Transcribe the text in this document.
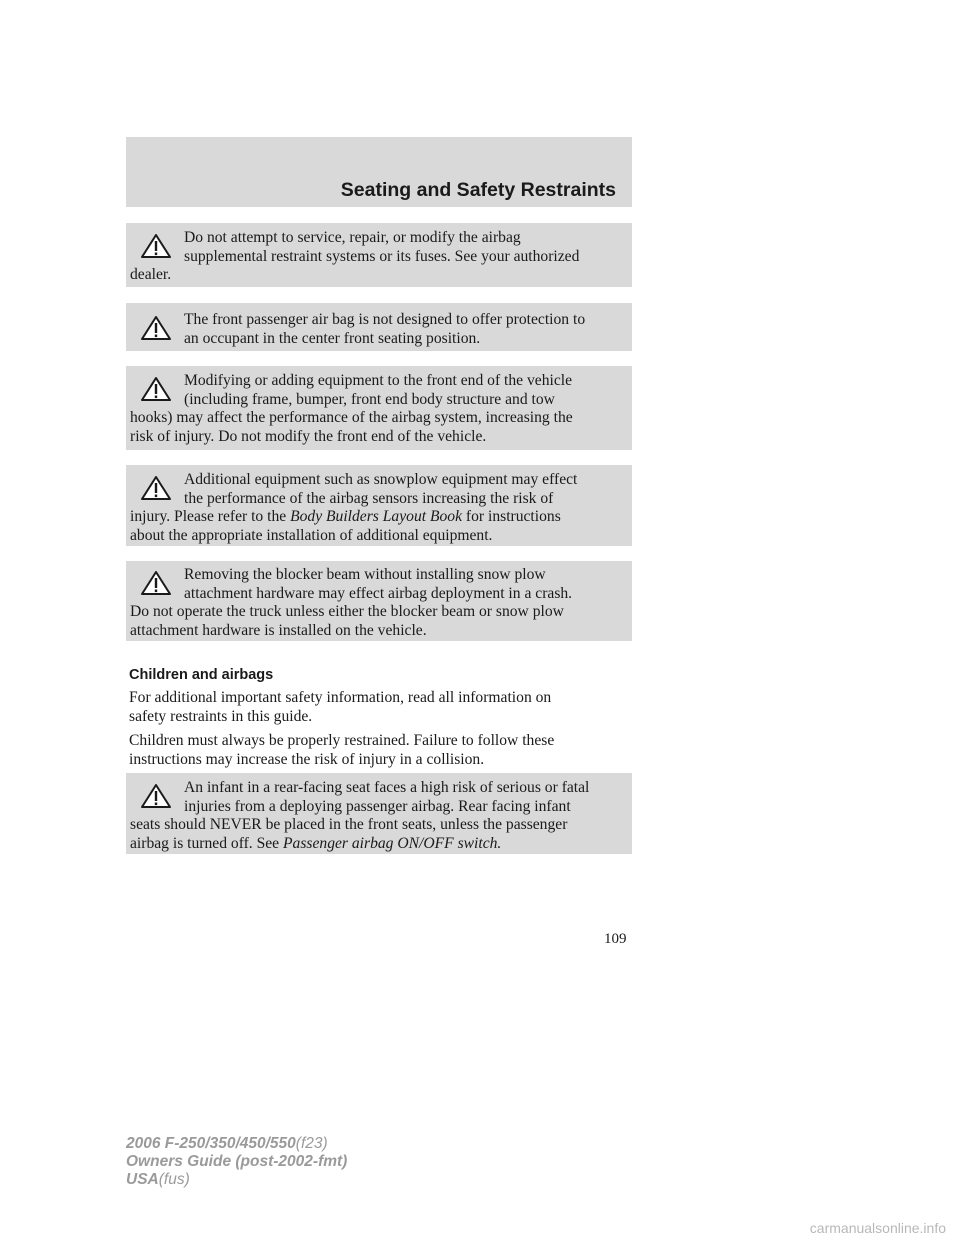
Seating and Safety Restraints
Do not attempt to service, repair, or modify the airbag
supplemental restraint systems or its fuses. See your authorized
dealer.
The front passenger air bag is not designed to offer protection to
an occupant in the center front seating position.
Modifying or adding equipment to the front end of the vehicle
(including frame, bumper, front end body structure and tow
hooks) may affect the performance of the airbag system, increasing the
risk of injury. Do not modify the front end of the vehicle.
Additional equipment such as snowplow equipment may effect
the performance of the airbag sensors increasing the risk of
injury. Please refer to the Body Builders Layout Book for instructions
about the appropriate installation of additional equipment.
Removing the blocker beam without installing snow plow
attachment hardware may effect airbag deployment in a crash.
Do not operate the truck unless either the blocker beam or snow plow
attachment hardware is installed on the vehicle.
Children and airbags
For additional important safety information, read all information on
safety restraints in this guide.
Children must always be properly restrained. Failure to follow these
instructions may increase the risk of injury in a collision.
An infant in a rear-facing seat faces a high risk of serious or fatal
injuries from a deploying passenger airbag. Rear facing infant
seats should NEVER be placed in the front seats, unless the passenger
airbag is turned off. See Passenger airbag ON/OFF switch.
109
2006 F-250/350/450/550(f23)
Owners Guide (post-2002-fmt)
USA(fus)
carmanualsonline.info
